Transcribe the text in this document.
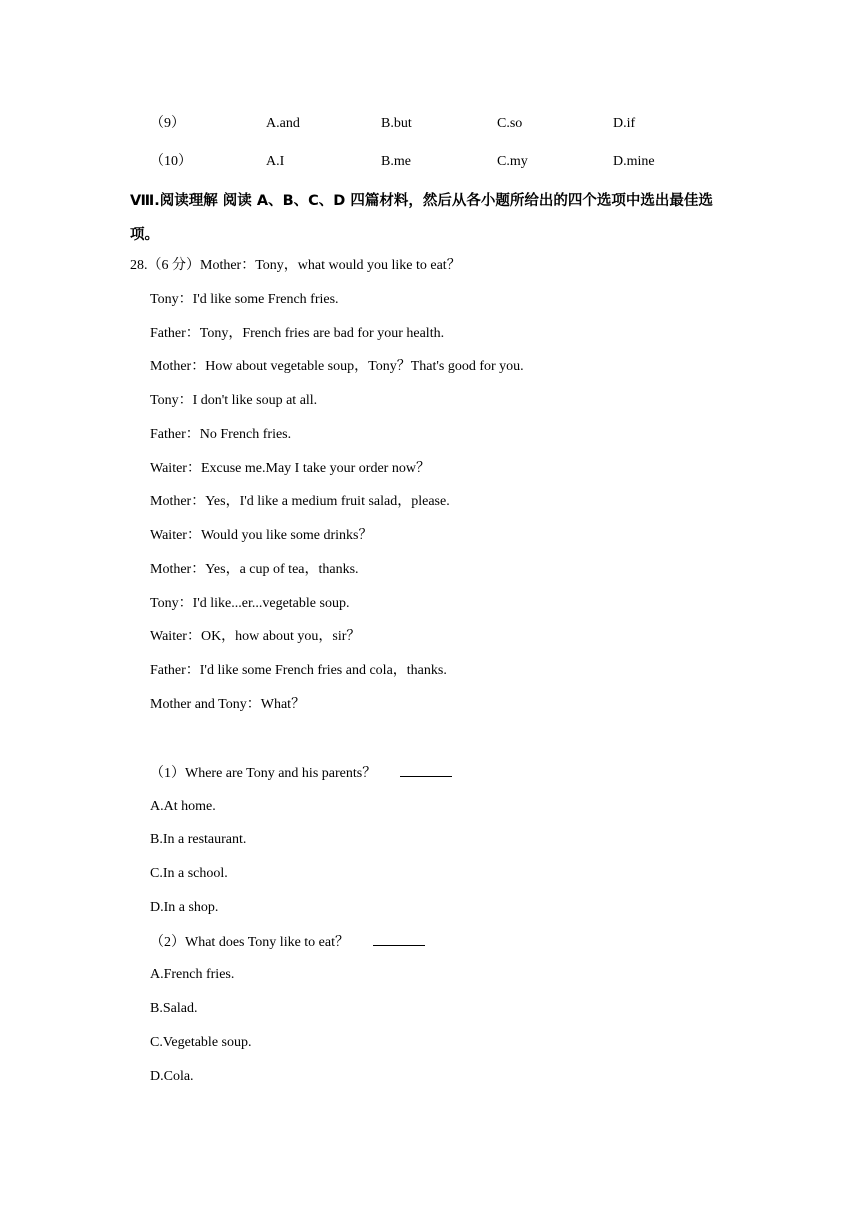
（9）	A.and	B.but	C.so	D.if
（10）	A.I	B.me	C.my	D.mine
Ⅷ.阅读理解 阅读 A、B、C、D 四篇材料，然后从各小题所给出的四个选项中选出最佳选项。
28.（6 分）Mother：Tony，what would you like to eat？
Tony：I'd like some French fries.
Father：Tony，French fries are bad for your health.
Mother：How about vegetable soup，Tony？That's good for you.
Tony：I don't like soup at all.
Father：No French fries.
Waiter：Excuse me.May I take your order now？
Mother：Yes，I'd like a medium fruit salad，please.
Waiter：Would you like some drinks？
Mother：Yes，a cup of tea，thanks.
Tony：I'd like...er...vegetable soup.
Waiter：OK，how about you，sir？
Father：I'd like some French fries and cola，thanks.
Mother and Tony：What？
（1）Where are Tony and his parents？
A.At home.
B.In a restaurant.
C.In a school.
D.In a shop.
（2）What does Tony like to eat？
A.French fries.
B.Salad.
C.Vegetable soup.
D.Cola.
